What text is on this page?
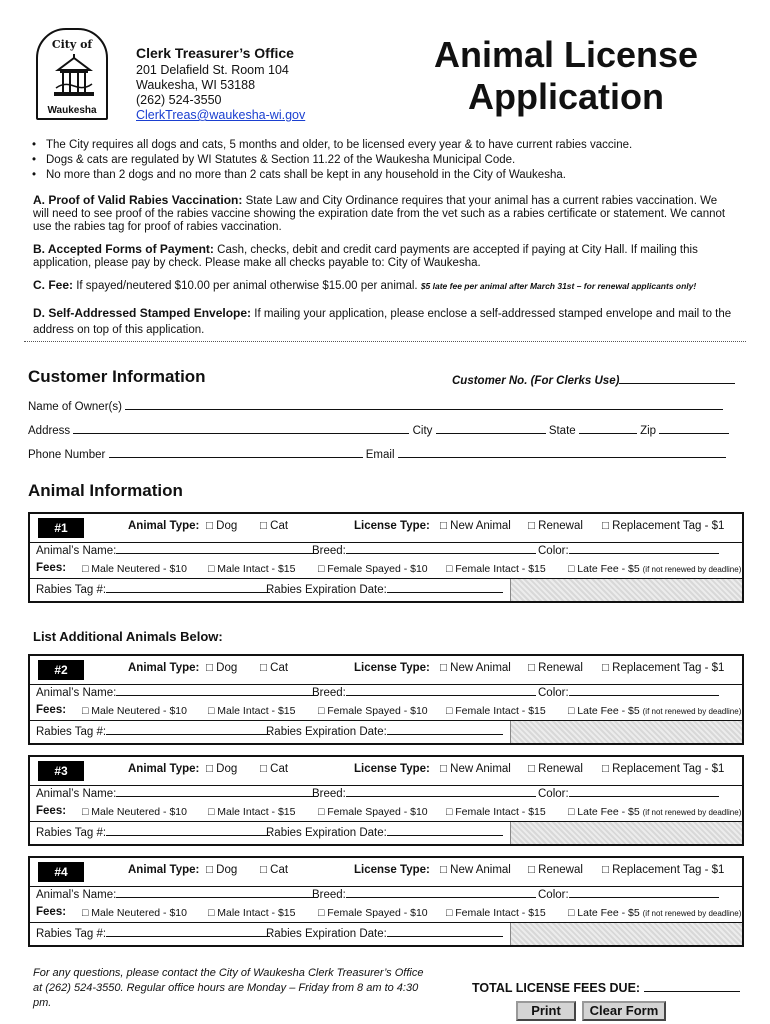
City of
Waukesha
Clerk Treasurer’s Office
201 Delafield St. Room 104
Waukesha, WI 53188
(262) 524-3550
ClerkTreas@waukesha-wi.gov
Animal License
Application
• The City requires all dogs and cats, 5 months and older, to be licensed every year & to have current rabies vaccine.
• Dogs & cats are regulated by WI Statutes & Section 11.22 of the Waukesha Municipal Code.
• No more than 2 dogs and no more than 2 cats shall be kept in any household in the City of Waukesha.
A. Proof of Valid Rabies Vaccination: State Law and City Ordinance requires that your animal has a current rabies vaccination. We will need to see proof of the rabies vaccine showing the expiration date from the vet such as a rabies certificate or statement. We cannot use the rabies tag for proof of rabies vaccination.
B. Accepted Forms of Payment: Cash, checks, debit and credit card payments are accepted if paying at City Hall. If mailing this application, please pay by check. Please make all checks payable to: City of Waukesha.
C. Fee: If spayed/neutered $10.00 per animal otherwise $15.00 per animal. $5 late fee per animal after March 31st – for renewal applicants only!
D. Self-Addressed Stamped Envelope: If mailing your application, please enclose a self-addressed stamped envelope and mail to the address on top of this application.
Customer Information	Customer No. (For Clerks Use)
Name of Owner(s)
Address	City	State	Zip
Phone Number	Email
Animal Information
List Additional Animals Below:
#1	Animal Type: □ Dog □ Cat	License Type: □ New Animal □ Renewal □ Replacement Tag - $1
Animal’s Name:	Breed:	Color:
Fees: □ Male Neutered - $10 □ Male Intact - $15 □ Female Spayed - $10 □ Female Intact - $15 □ Late Fee - $5 (if not renewed by deadline)
Rabies Tag #:	Rabies Expiration Date:
#2	Animal Type: □ Dog □ Cat	License Type: □ New Animal □ Renewal □ Replacement Tag - $1
Animal’s Name:	Breed:	Color:
Fees: □ Male Neutered - $10 □ Male Intact - $15 □ Female Spayed - $10 □ Female Intact - $15 □ Late Fee - $5 (if not renewed by deadline)
Rabies Tag #:	Rabies Expiration Date:
#3	Animal Type: □ Dog □ Cat	License Type: □ New Animal □ Renewal □ Replacement Tag - $1
Animal’s Name:	Breed:	Color:
Fees: □ Male Neutered - $10 □ Male Intact - $15 □ Female Spayed - $10 □ Female Intact - $15 □ Late Fee - $5 (if not renewed by deadline)
Rabies Tag #:	Rabies Expiration Date:
#4	Animal Type: □ Dog □ Cat	License Type: □ New Animal □ Renewal □ Replacement Tag - $1
Animal’s Name:	Breed:	Color:
Fees: □ Male Neutered - $10 □ Male Intact - $15 □ Female Spayed - $10 □ Female Intact - $15 □ Late Fee - $5 (if not renewed by deadline)
Rabies Tag #:	Rabies Expiration Date:
For any questions, please contact the City of Waukesha Clerk Treasurer’s Office at (262) 524-3550. Regular office hours are Monday – Friday from 8 am to 4:30 pm.
TOTAL LICENSE FEES DUE:
Print	Clear Form
